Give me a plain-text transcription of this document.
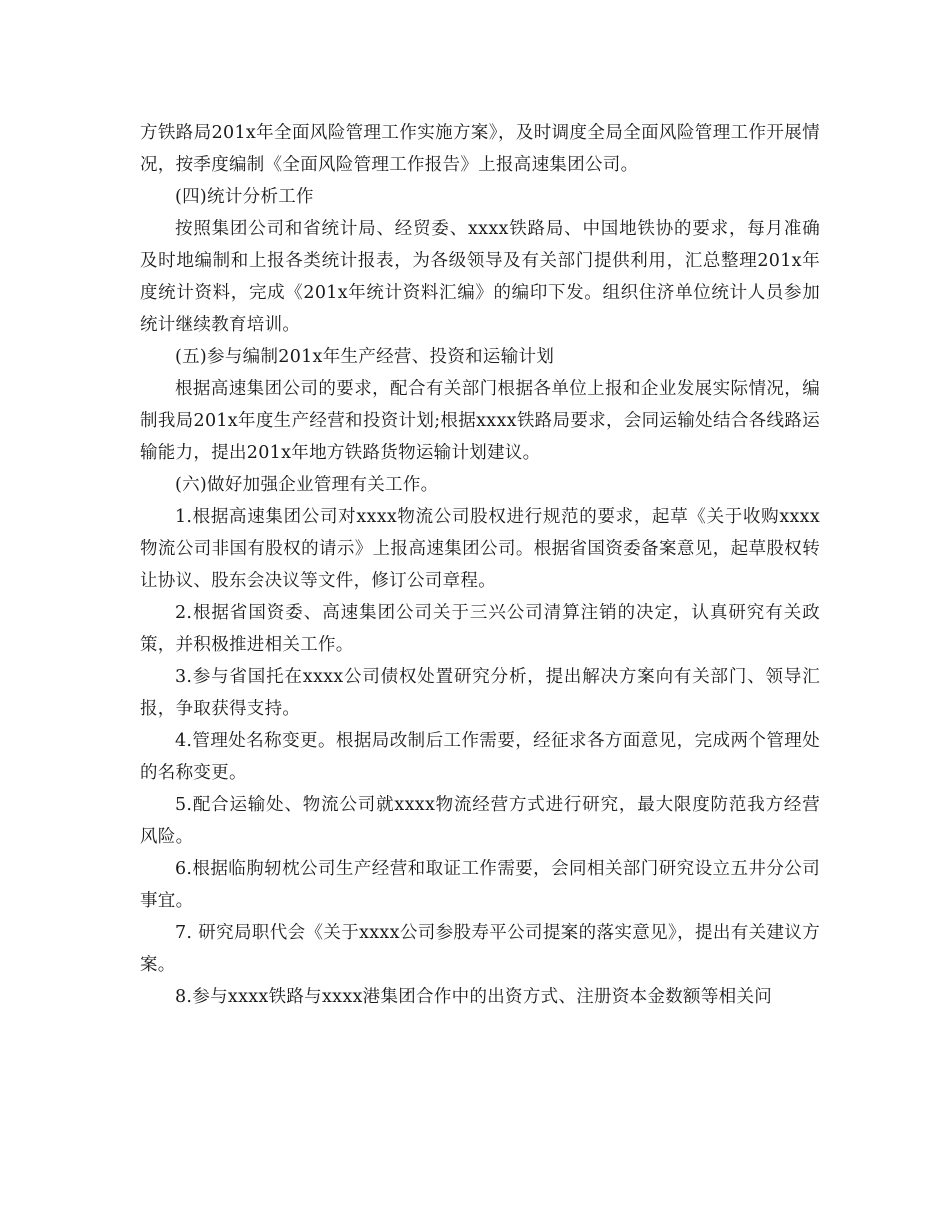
方铁路局201x年全面风险管理工作实施方案》，及时调度全局全面风险管理工作开展情况，按季度编制《全面风险管理工作报告》上报高速集团公司。

(四)统计分析工作

按照集团公司和省统计局、经贸委、xxxx铁路局、中国地铁协的要求，每月准确及时地编制和上报各类统计报表，为各级领导及有关部门提供利用，汇总整理201x年度统计资料，完成《201x年统计资料汇编》的编印下发。组织住济单位统计人员参加统计继续教育培训。

(五)参与编制201x年生产经营、投资和运输计划

根据高速集团公司的要求，配合有关部门根据各单位上报和企业发展实际情况，编制我局201x年度生产经营和投资计划;根据xxxx铁路局要求，会同运输处结合各线路运输能力，提出201x年地方铁路货物运输计划建议。

(六)做好加强企业管理有关工作。

1.根据高速集团公司对xxxx物流公司股权进行规范的要求，起草《关于收购xxxx物流公司非国有股权的请示》上报高速集团公司。根据省国资委备案意见，起草股权转让协议、股东会决议等文件，修订公司章程。

2.根据省国资委、高速集团公司关于三兴公司清算注销的决定，认真研究有关政策，并积极推进相关工作。

3.参与省国托在xxxx公司债权处置研究分析，提出解决方案向有关部门、领导汇报，争取获得支持。

4.管理处名称变更。根据局改制后工作需要，经征求各方面意见，完成两个管理处的名称变更。

5.配合运输处、物流公司就xxxx物流经营方式进行研究，最大限度防范我方经营风险。

6.根据临朐轫枕公司生产经营和取证工作需要，会同相关部门研究设立五井分公司事宜。

7. 研究局职代会《关于xxxx公司参股寿平公司提案的落实意见》，提出有关建议方案。

8.参与xxxx铁路与xxxx港集团合作中的出资方式、注册资本金数额等相关问
